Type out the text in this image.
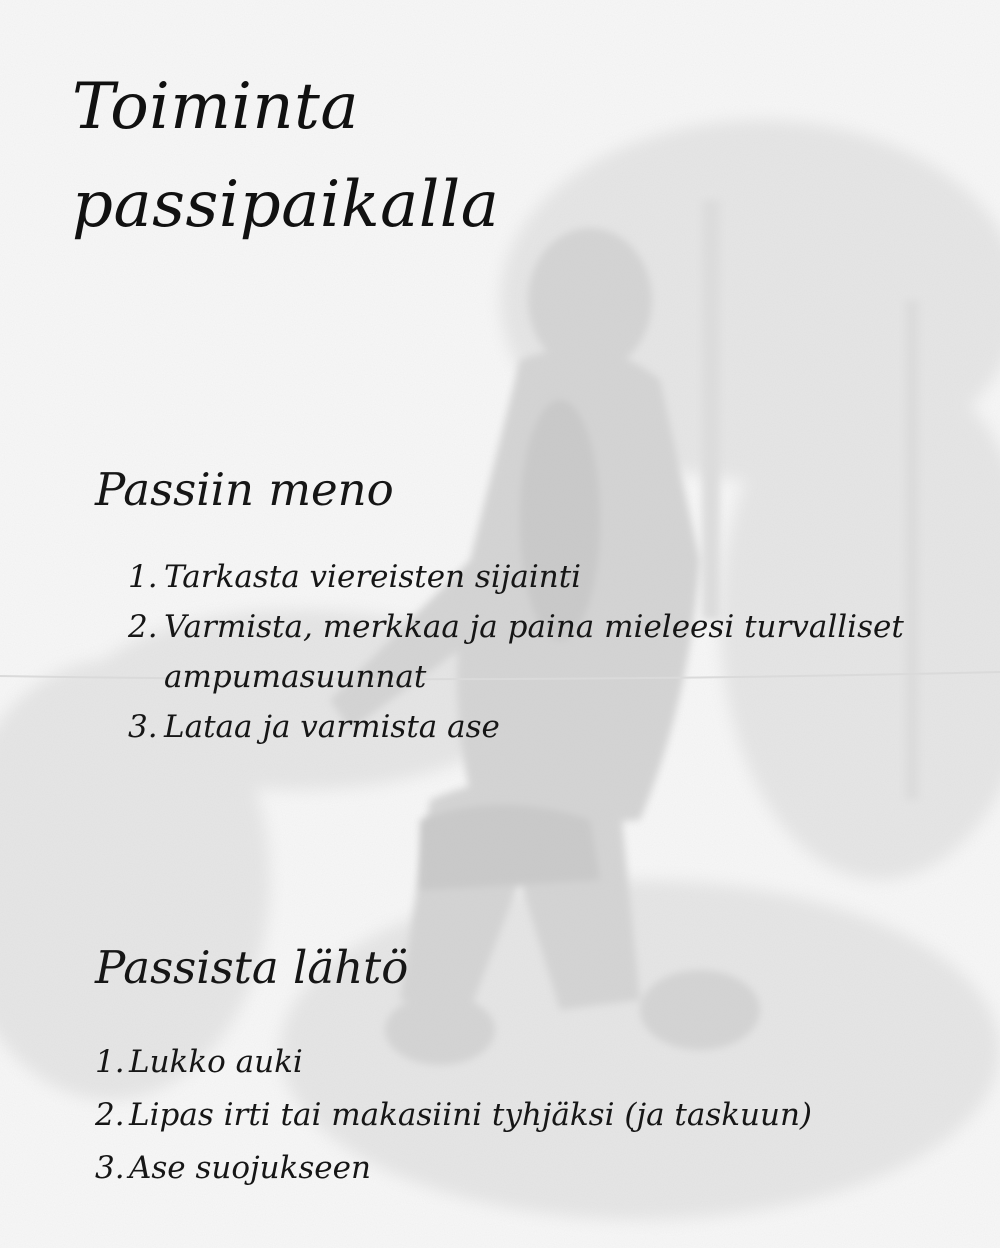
Toiminta
passipaikalla
Passiin meno
1. Tarkasta viereisten sijainti
2. Varmista, merkkaa ja paina mieleesi turvalliset ampumasuunnat
3. Lataa ja varmista ase
Passista lähtö
1. Lukko auki
2. Lipas irti tai makasiini tyhjäksi (ja taskuun)
3. Ase suojukseen
